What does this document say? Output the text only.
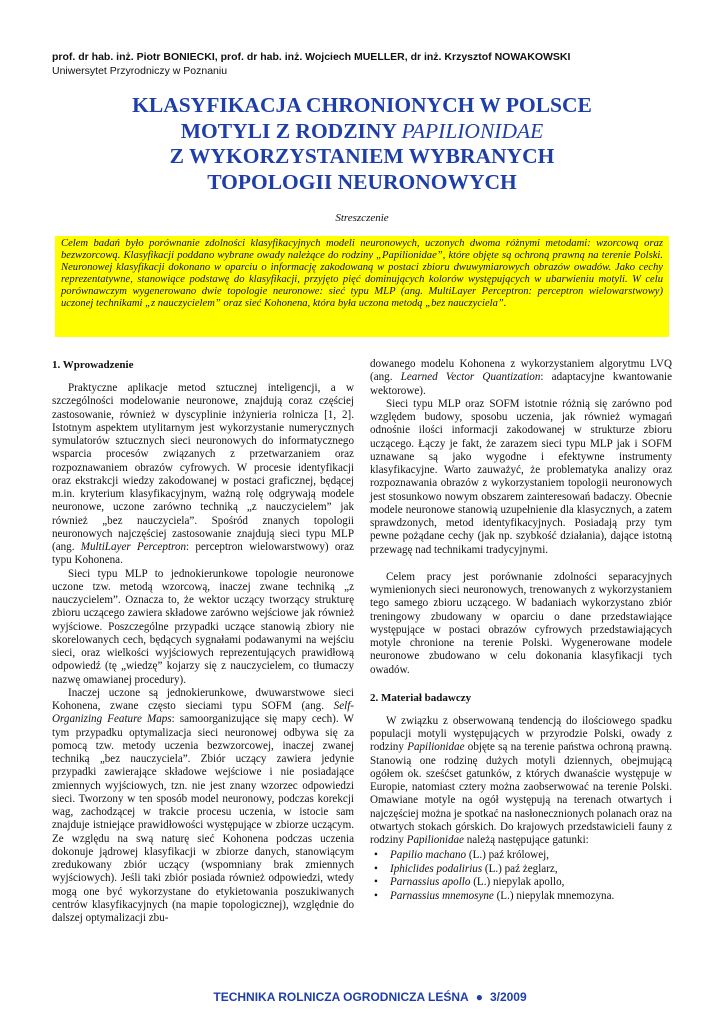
prof. dr hab. inż. Piotr BONIECKI, prof. dr hab. inż. Wojciech MUELLER, dr inż. Krzysztof NOWAKOWSKI
Uniwersytet Przyrodniczy w Poznaniu
KLASYFIKACJA CHRONIONYCH W POLSCE
MOTYLI Z RODZINY PAPILIONIDAE
Z WYKORZYSTANIEM WYBRANYCH
TOPOLOGII NEURONOWYCH
Streszczenie
Celem badań było porównanie zdolności klasyfikacyjnych modeli neuronowych, uczonych dwoma różnymi metodami: wzorcową oraz bezwzorcową. Klasyfikacji poddano wybrane owady należące do rodziny „Papilionidae”, które objęte są ochroną prawną na terenie Polski. Neuronowej klasyfikacji dokonano w oparciu o informację zakodowaną w postaci zbioru dwuwymiarowych obrazów owadów. Jako cechy reprezentatywne, stanowiące podstawę do klasyfikacji, przyjęto pięć dominujących kolorów występujących w ubarwieniu motyli. W celu porównawczym wygenerowano dwie topologie neuronowe: sieć typu MLP (ang. MultiLayer Perceptron: perceptron wielowarstwowy) uczonej technikami „z nauczycielem” oraz sieć Kohonena, która była uczona metodą „bez nauczyciela”.
1. Wprowadzenie

Praktyczne aplikacje metod sztucznej inteligencji, a w szczególności modelowanie neuronowe, znajdują coraz częściej zastosowanie, również w dyscyplinie inżynieria rolnicza [1, 2]. Istotnym aspektem utylitarnym jest wykorzystanie numerycznych symulatorów sztucznych sieci neuronowych do informatycznego wsparcia procesów związanych z przetwarzaniem oraz rozpoznawaniem obrazów cyfrowych. W procesie identyfikacji oraz ekstrakcji wiedzy zakodowanej w postaci graficznej, będącej m.in. kryterium klasyfikacyjnym, ważną rolę odgrywają modele neuronowe, uczone zarówno techniką „z nauczycielem” jak również „bez nauczyciela”. Spośród znanych topologii neuronowych najczęściej zastosowanie znajdują sieci typu MLP (ang. MultiLayer Perceptron: perceptron wielowarstwowy) oraz typu Kohonena.

Sieci typu MLP to jednokierunkowe topologie neuronowe uczone tzw. metodą wzorcową, inaczej zwane techniką „z nauczycielem”. Oznacza to, że wektor uczący tworzący strukturę zbioru uczącego zawiera składowe zarówno wejściowe jak również wyjściowe. Poszczególne przypadki uczące stanowią zbiory nie skorelowanych cech, będących sygnałami podawanymi na wejściu sieci, oraz wielkości wyjściowych reprezentujących prawidłową odpowiedź (tę „wiedzę” kojarzy się z nauczycielem, co tłumaczy nazwę omawianej procedury).

Inaczej uczone są jednokierunkowe, dwuwarstwowe sieci Kohonena, zwane często sieciami typu SOFM (ang. Self-Organizing Feature Maps: samoorganizujące się mapy cech). W tym przypadku optymalizacja sieci neuronowej odbywa się za pomocą tzw. metody uczenia bezwzorcowej, inaczej zwanej techniką „bez nauczyciela”. Zbiór uczący zawiera jedynie przypadki zawierające składowe wejściowe i nie posiadające zmiennych wyjściowych, tzn. nie jest znany wzorzec odpowiedzi sieci. Tworzony w ten sposób model neuronowy, podczas korekcji wag, zachodzącej w trakcie procesu uczenia, w istocie sam znajduje istniejące prawidłowości występujące w zbiorze uczącym. Ze względu na swą naturę sieć Kohonena podczas uczenia dokonuje jądrowej klasyfikacji w zbiorze danych, stanowiącym zredukowany zbiór uczący (wspomniany brak zmiennych wyjściowych). Jeśli taki zbiór posiada również odpowiedzi, wtedy mogą one być wykorzystane do etykietowania poszukiwanych centrów klasyfikacyjnych (na mapie topologicznej), względnie do dalszej optymalizacji zbu-

dowanego modelu Kohonena z wykorzystaniem algorytmu LVQ (ang. Learned Vector Quantization: adaptacyjne kwantowanie wektorowe).

Sieci typu MLP oraz SOFM istotnie różnią się zarówno pod względem budowy, sposobu uczenia, jak również wymagań odnośnie ilości informacji zakodowanej w strukturze zbioru uczącego. Łączy je fakt, że zarazem sieci typu MLP jak i SOFM uznawane są jako wygodne i efektywne instrumenty klasyfikacyjne. Warto zauważyć, że problematyka analizy oraz rozpoznawania obrazów z wykorzystaniem topologii neuronowych jest stosunkowo nowym obszarem zainteresowań badaczy. Obecnie modele neuronowe stanowią uzupełnienie dla klasycznych, a zatem sprawdzonych, metod identyfikacyjnych. Posiadają przy tym pewne pożądane cechy (jak np. szybkość działania), dające istotną przewagę nad technikami tradycyjnymi.

Celem pracy jest porównanie zdolności separacyjnych wymienionych sieci neuronowych, trenowanych z wykorzystaniem tego samego zbioru uczącego. W badaniach wykorzystano zbiór treningowy zbudowany w oparciu o dane przedstawiające występujące w postaci obrazów cyfrowych przedstawiających motyle chronione na terenie Polski. Wygenerowane modele neuronowe zbudowano w celu dokonania klasyfikacji tych owadów.

2. Materiał badawczy

W związku z obserwowaną tendencją do ilościowego spadku populacji motyli występujących w przyrodzie Polski, owady z rodziny Papilionidae objęte są na terenie państwa ochroną prawną. Stanowią one rodzinę dużych motyli dziennych, obejmującą ogółem ok. sześćset gatunków, z których dwanaście występuje w Europie, natomiast cztery można zaobserwować na terenie Polski. Omawiane motyle na ogół występują na terenach otwartych i najczęściej można je spotkać na nasłonecznionych polanach oraz na otwartych stokach górskich. Do krajowych przedstawicieli fauny z rodziny Papilionidae należą następujące gatunki:

• Papilio machano (L.) paź królowej,
• Iphiclides podalirius (L.) paź żeglarz,
• Parnassius apollo (L.) niepylak apollo,
• Parnassius mnemosyne (L.) niepylak mnemozyna.
TECHNIKA ROLNICZA OGRODNICZA LEŚNA ● 3/2009
